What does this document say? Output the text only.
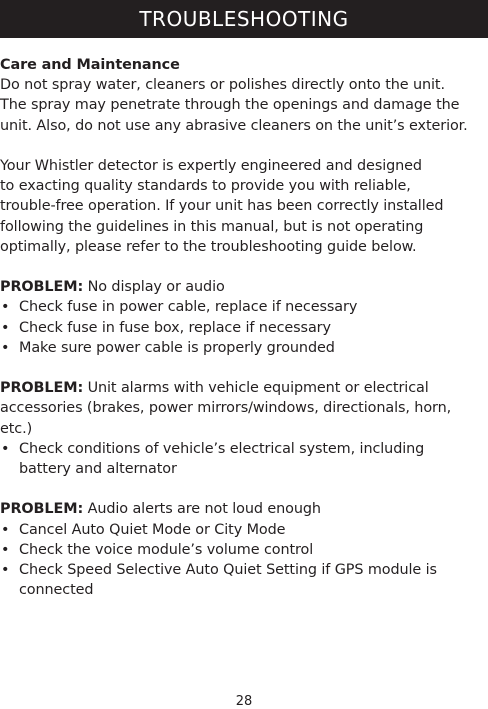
TROUBLESHOOTING

Care and Maintenance

Do not spray water, cleaners or polishes directly onto the unit.

The spray may penetrate through the openings and damage the

unit. Also, do not use any abrasive cleaners on the unit’s exterior.

Your Whistler detector is expertly engineered and designed

to exacting quality standards to provide you with reliable,

trouble-free operation. If your unit has been correctly installed

following the guidelines in this manual, but is not operating

optimally, please refer to the troubleshooting guide below.

PROBLEM: No display or audio

• Check fuse in power cable, replace if necessary
• Check fuse in fuse box, replace if necessary
• Make sure power cable is properly grounded

PROBLEM: Unit alarms with vehicle equipment or electrical

accessories (brakes, power mirrors/windows, directionals, horn,

etc.)

• Check conditions of vehicle’s electrical system, including
battery and alternator

PROBLEM: Audio alerts are not loud enough

• Cancel Auto Quiet Mode or City Mode
• Check the voice module’s volume control
• Check Speed Selective Auto Quiet Setting if GPS module is
connected
28
